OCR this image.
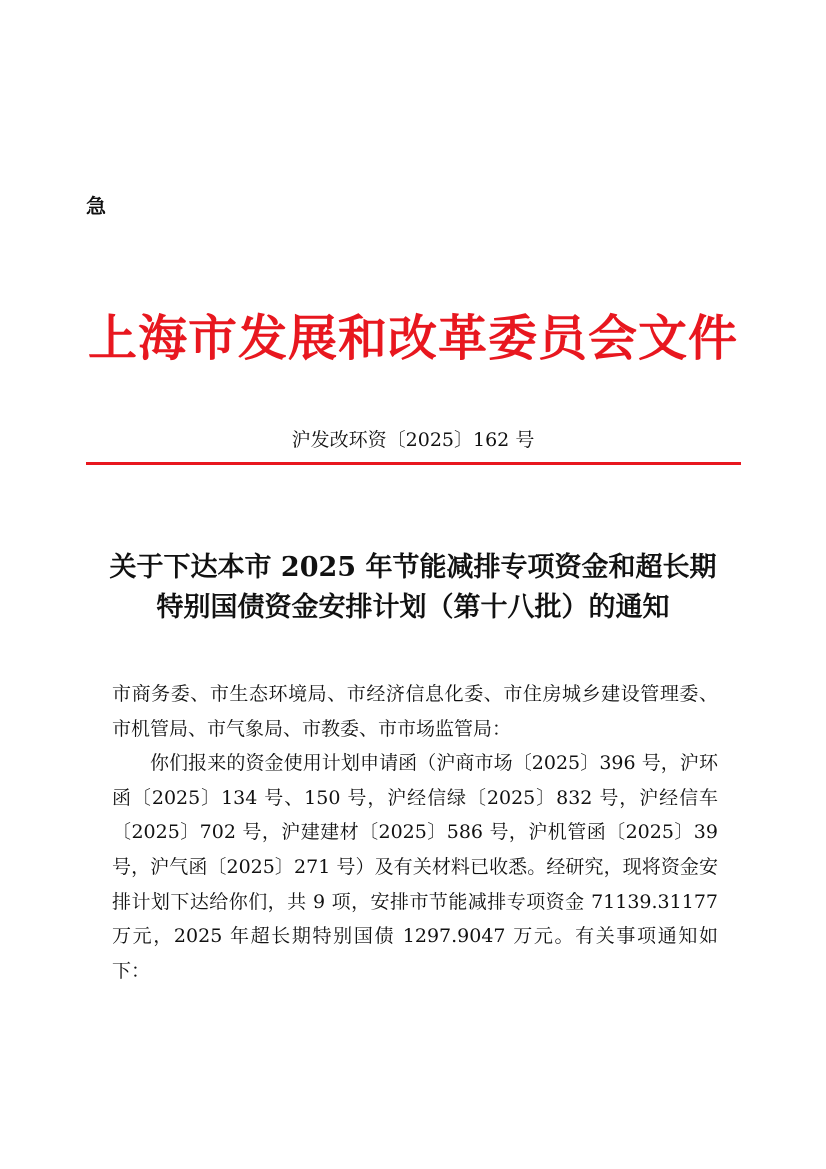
急
上海市发展和改革委员会文件
沪发改环资〔2025〕162 号
关于下达本市 2025 年节能减排专项资金和超长期
特别国债资金安排计划（第十八批）的通知

市商务委、市生态环境局、市经济信息化委、市住房城乡建设管理委、市机管局、市气象局、市教委、市市场监管局：

你们报来的资金使用计划申请函（沪商市场〔2025〕396 号，沪环函〔2025〕134 号、150 号，沪经信绿〔2025〕832 号，沪经信车〔2025〕702 号，沪建建材〔2025〕586 号，沪机管函〔2025〕39 号，沪气函〔2025〕271 号）及有关材料已收悉。经研究，现将资金安排计划下达给你们，共 9 项，安排市节能减排专项资金 71139.31177 万元，2025 年超长期特别国债 1297.9047 万元。有关事项通知如下：
